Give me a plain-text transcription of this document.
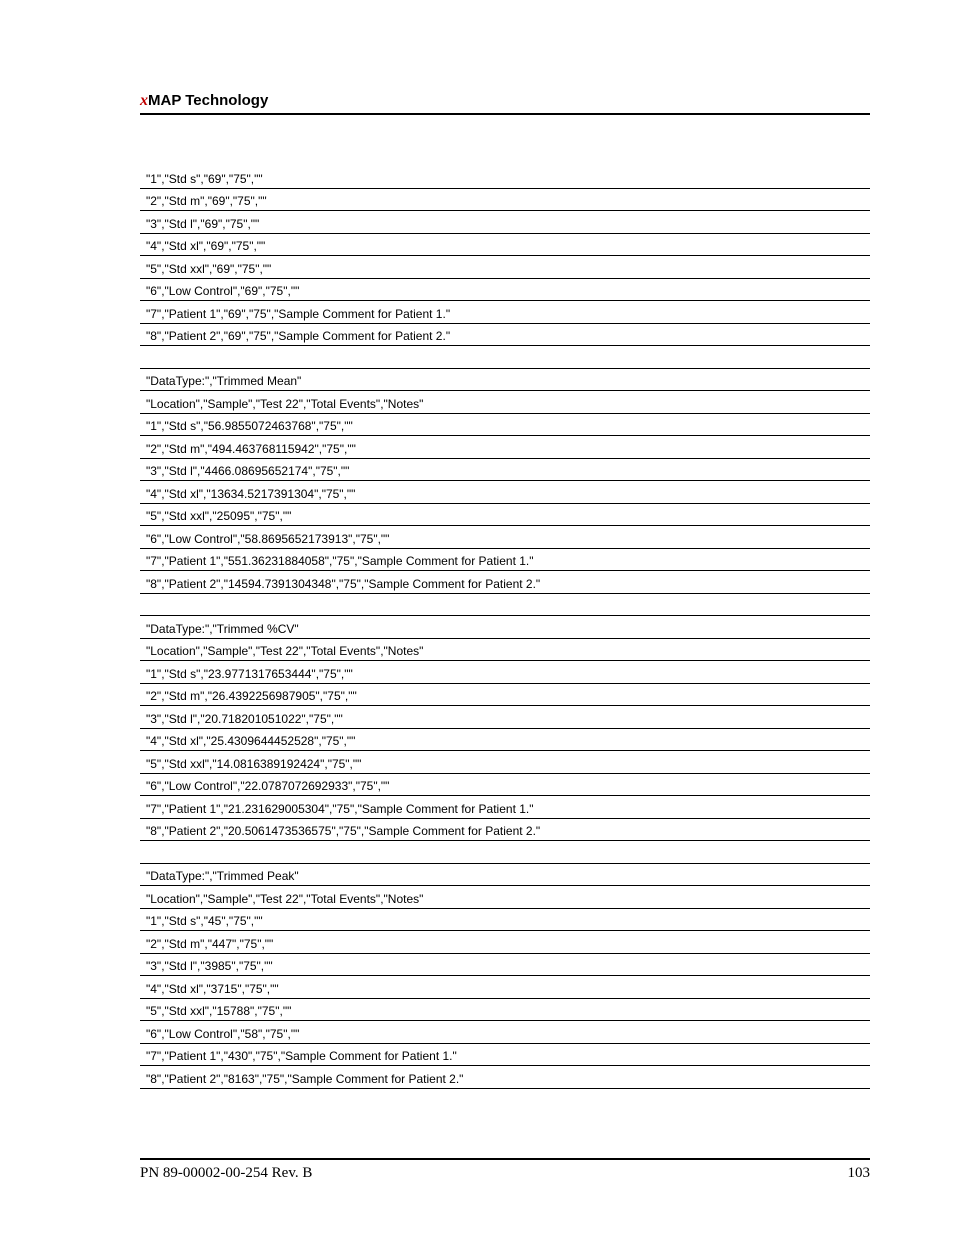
xMAP Technology
"1","Std s","69","75",""
"2","Std m","69","75",""
"3","Std l","69","75",""
"4","Std xl","69","75",""
"5","Std xxl","69","75",""
"6","Low Control","69","75",""
"7","Patient 1","69","75","Sample Comment for Patient 1."
"8","Patient 2","69","75","Sample Comment for Patient 2."
"DataType:","Trimmed Mean"
"Location","Sample","Test 22","Total Events","Notes"
"1","Std s","56.9855072463768","75",""
"2","Std m","494.463768115942","75",""
"3","Std l","4466.08695652174","75",""
"4","Std xl","13634.5217391304","75",""
"5","Std xxl","25095","75",""
"6","Low Control","58.8695652173913","75",""
"7","Patient 1","551.36231884058","75","Sample Comment for Patient 1."
"8","Patient 2","14594.7391304348","75","Sample Comment for Patient 2."
"DataType:","Trimmed %CV"
"Location","Sample","Test 22","Total Events","Notes"
"1","Std s","23.9771317653444","75",""
"2","Std m","26.4392256987905","75",""
"3","Std l","20.718201051022","75",""
"4","Std xl","25.4309644452528","75",""
"5","Std xxl","14.0816389192424","75",""
"6","Low Control","22.0787072692933","75",""
"7","Patient 1","21.231629005304","75","Sample Comment for Patient 1."
"8","Patient 2","20.5061473536575","75","Sample Comment for Patient 2."
"DataType:","Trimmed Peak"
"Location","Sample","Test 22","Total Events","Notes"
"1","Std s","45","75",""
"2","Std m","447","75",""
"3","Std l","3985","75",""
"4","Std xl","3715","75",""
"5","Std xxl","15788","75",""
"6","Low Control","58","75",""
"7","Patient 1","430","75","Sample Comment for Patient 1."
"8","Patient 2","8163","75","Sample Comment for Patient 2."
PN 89-00002-00-254 Rev. B	103
